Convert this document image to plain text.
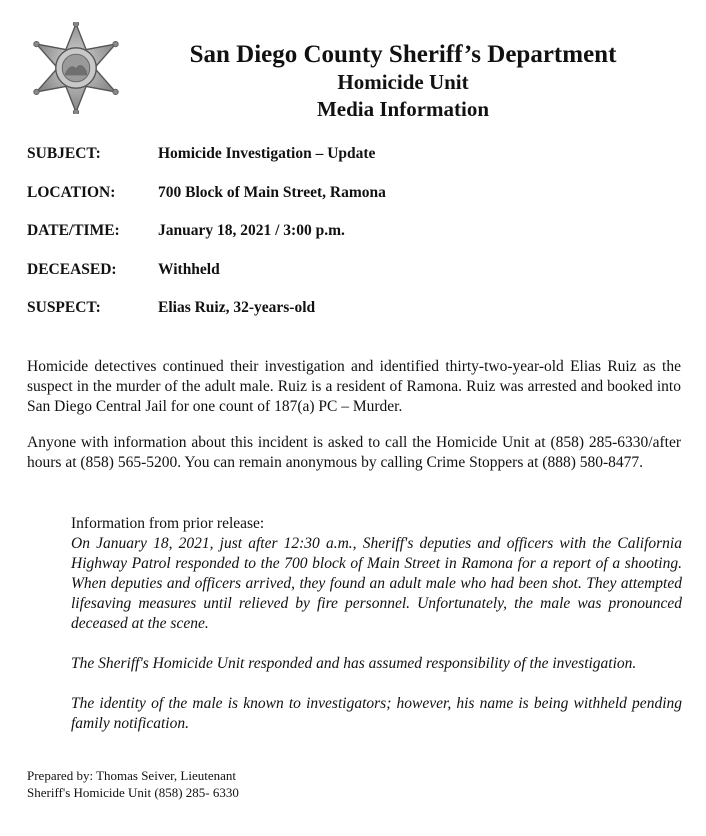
San Diego County Sheriff’s Department
Homicide Unit
Media Information
SUBJECT:	Homicide Investigation – Update
LOCATION:	700 Block of Main Street, Ramona
DATE/TIME:	January 18, 2021 / 3:00 p.m.
DECEASED:	Withheld
SUSPECT:	Elias Ruiz, 32-years-old

Homicide detectives continued their investigation and identified thirty-two-year-old Elias Ruiz as the suspect in the murder of the adult male. Ruiz is a resident of Ramona. Ruiz was arrested and booked into San Diego Central Jail for one count of 187(a) PC – Murder.

Anyone with information about this incident is asked to call the Homicide Unit at (858) 285-6330/after hours at (858) 565-5200. You can remain anonymous by calling Crime Stoppers at (888) 580-8477.

Information from prior release:

On January 18, 2021, just after 12:30 a.m., Sheriff's deputies and officers with the California Highway Patrol responded to the 700 block of Main Street in Ramona for a report of a shooting. When deputies and officers arrived, they found an adult male who had been shot. They attempted lifesaving measures until relieved by fire personnel. Unfortunately, the male was pronounced deceased at the scene.

The Sheriff's Homicide Unit responded and has assumed responsibility of the investigation.

The identity of the male is known to investigators; however, his name is being withheld pending family notification.

Prepared by: Thomas Seiver, Lieutenant
Sheriff's Homicide Unit (858) 285- 6330
